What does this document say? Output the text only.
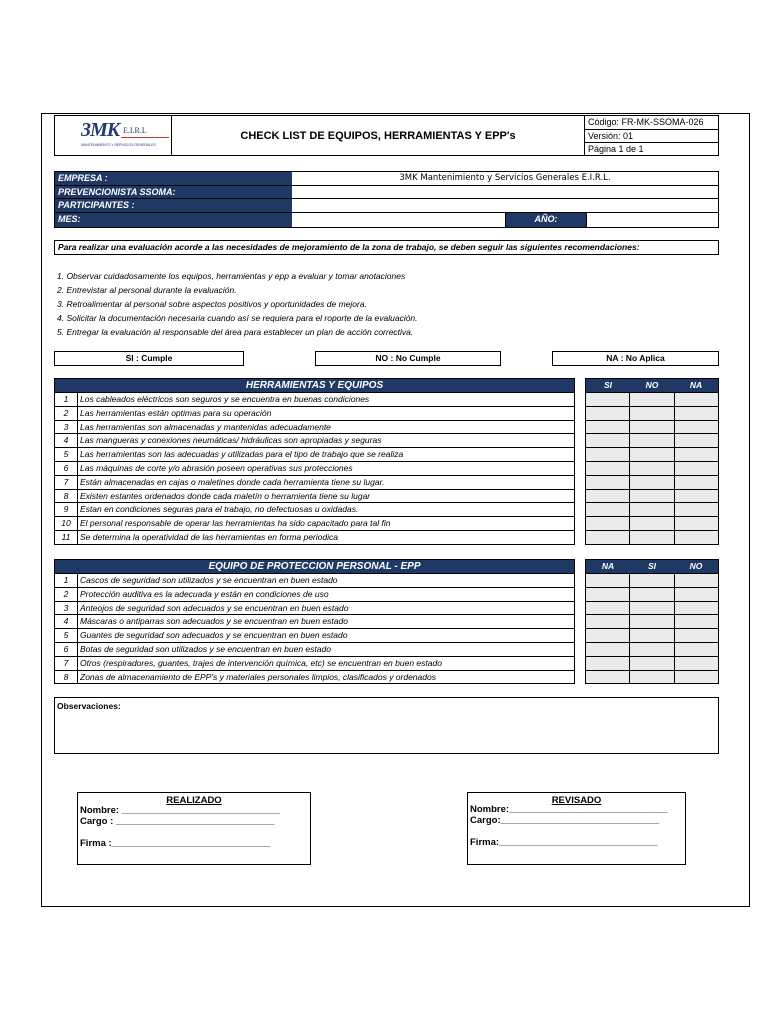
3MK E.I.R.L
MANTENIMIENTO Y SERVICIOS GENERALES
CHECK LIST DE EQUIPOS, HERRAMIENTAS Y EPP's
Código: FR-MK-SSOMA-026
Versión: 01
Página 1 de 1
EMPRESA :	3MK Mantenimiento y Servicios Generales E.I.R.L.
PREVENCIONISTA SSOMA:
PARTICIPANTES :
MES:	AÑO:
Para realizar una evaluación acorde a las necesidades de mejoramiento de la zona de trabajo, se deben seguir las siguientes recomendaciones:
1. Observar cuidadosamente los equipos, herramientas y epp a evaluar y tomar anotaciones
2. Entrevistar al personal durante la evaluación.
3. Retroalimentar al personal sobre aspectos positivos y oportunidades de mejora.
4. Solicitar la documentación necesaria cuando así se requiera para el roporte de la evaluación.
5. Entregar la evaluación al responsable del área para establecer un plan de acción correctiva.
SI : Cumple	NO : No Cumple	NA : No Aplica
HERRAMIENTAS Y EQUIPOS
1	Los cableados eléctricos son seguros y se encuentra en buenas condiciones
2	Las herramientas están optimas para su operación
3	Las herramientas son almacenadas y mantenidas adecuadamente
4	Las mangueras y conexiones neumáticas/ hidráulicas son apropiadas y seguras
5	Las herramientas son las adecuadas y utilizadas para el tipo de trabajo que se realiza
6	Las máquinas de corte y/o abrasión poseen operativas sus protecciones
7	Están almacenadas en cajas o maletines donde cada herramienta tiene su lugar.
8	Existen estantes ordenados donde cada maletín o herramienta tiene su lugar
9	Estan en condiciones seguras para el trabajo, no defectuosas u oxidadas.
10	El personal responsable de operar las herramientas ha sido capacitado para tal fin
11	Se determina la operatividad de las herramientas en forma periodica
SI	NO	NA
EQUIPO DE PROTECCION PERSONAL - EPP
1	Cascos de seguridad son utilizados y se encuentran en buen estado
2	Protección auditiva es la adecuada y están en condiciones de uso
3	Anteojos de seguridad son adecuados y se encuentran en buen estado
4	Máscaras o antiparras son adecuados y se encuentran en buen estado
5	Guantes de seguridad son adecuados y se encuentran en buen estado
6	Botas de seguridad son utilizados y se encuentran en buen estado
7	Otros (respiradores, guantes, trajes de intervención química, etc) se encuentran en buen estado
8	Zonas de almacenamiento de EPP's y materiales personales limpios, clasificados y ordenados
NA	SI	NO
Observaciones:
REALIZADO
Nombre: ______________________________
Cargo : ______________________________
Firma :______________________________
REVISADO
Nombre:______________________________
Cargo:______________________________
Firma:______________________________
